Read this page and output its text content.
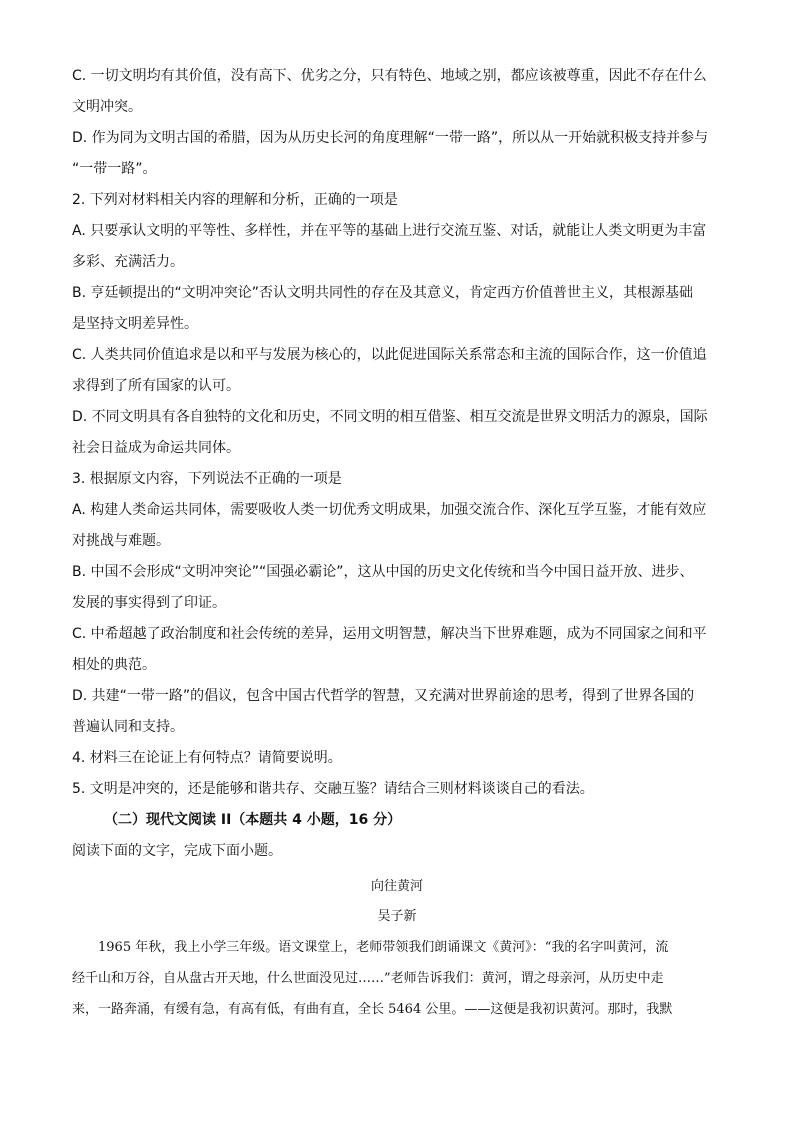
C. 一切文明均有其价值，没有高下、优劣之分，只有特色、地域之别，都应该被尊重，因此不存在什么
文明冲突。
D. 作为同为文明古国的希腊，因为从历史长河的角度理解“一带一路”，所以从一开始就积极支持并参与
“一带一路”。
2. 下列对材料相关内容的理解和分析，正确的一项是
A. 只要承认文明的平等性、多样性，并在平等的基础上进行交流互鉴、对话，就能让人类文明更为丰富
多彩、充满活力。
B. 亨廷顿提出的“文明冲突论”否认文明共同性的存在及其意义，肯定西方价值普世主义，其根源基础
是坚持文明差异性。
C. 人类共同价值追求是以和平与发展为核心的，以此促进国际关系常态和主流的国际合作，这一价值追
求得到了所有国家的认可。
D. 不同文明具有各自独特的文化和历史，不同文明的相互借鉴、相互交流是世界文明活力的源泉，国际
社会日益成为命运共同体。
3. 根据原文内容，下列说法不正确的一项是
A. 构建人类命运共同体，需要吸收人类一切优秀文明成果，加强交流合作、深化互学互鉴，才能有效应
对挑战与难题。
B. 中国不会形成“文明冲突论”“国强必霸论”，这从中国的历史文化传统和当今中国日益开放、进步、
发展的事实得到了印证。
C. 中希超越了政治制度和社会传统的差异，运用文明智慧，解决当下世界难题，成为不同国家之间和平
相处的典范。
D. 共建“一带一路”的倡议，包含中国古代哲学的智慧，又充满对世界前途的思考，得到了世界各国的
普遍认同和支持。
4. 材料三在论证上有何特点？请简要说明。
5. 文明是冲突的，还是能够和谐共存、交融互鉴？请结合三则材料谈谈自己的看法。
（二）现代文阅读 II（本题共 4 小题，16 分）
阅读下面的文字，完成下面小题。
向往黄河
吴子新
1965 年秋，我上小学三年级。语文课堂上，老师带领我们朗诵课文《黄河》：“我的名字叫黄河，流
经千山和万谷，自从盘古开天地，什么世面没见过……”老师告诉我们：黄河，谓之母亲河，从历史中走
来，一路奔涌，有缓有急，有高有低，有曲有直，全长 5464 公里。——这便是我初识黄河。那时，我默
